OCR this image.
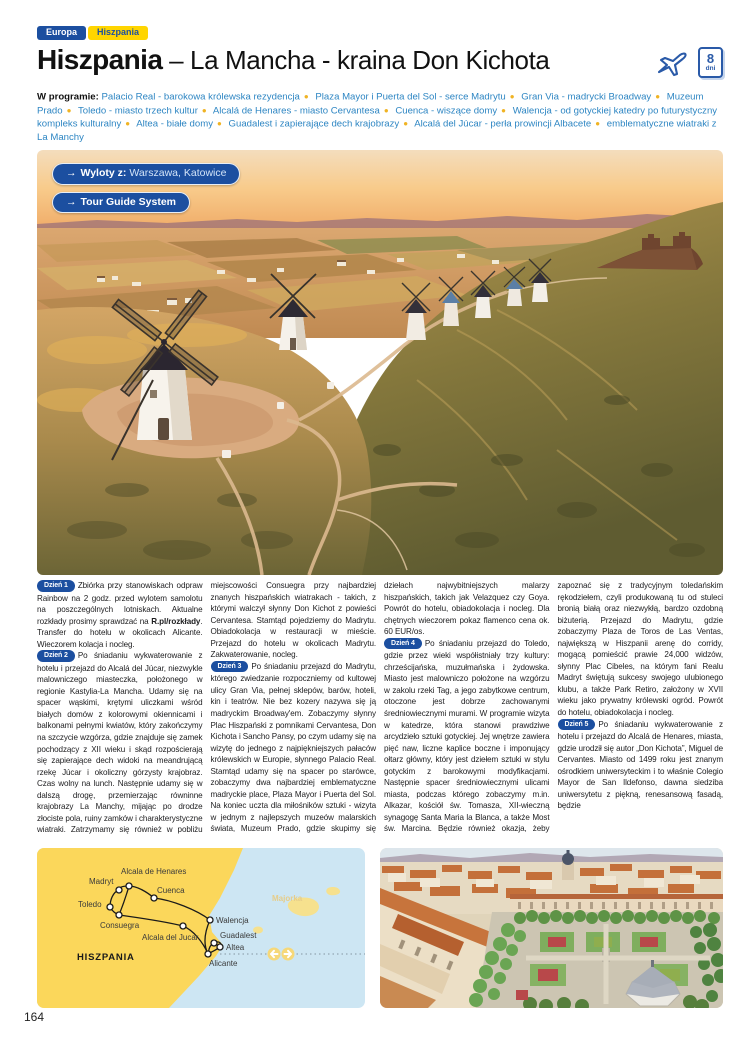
Europa	Hiszpania
Hiszpania – La Mancha - kraina Don Kichota	8
dni

W programie: Palacio Real - barokowa królewska rezydencja ● Plaza Mayor i Puerta del Sol - serce Madrytu ● Gran Via - madrycki Broadway ● Muzeum Prado ● Toledo - miasto trzech kultur ● Alcalá de Henares - miasto Cervantesa ● Cuenca - wiszące domy ● Walencja - od gotyckiej katedry po futurystyczny kompleks kulturalny ● Altea - białe domy ● Guadalest i zapierające dech krajobrazy ● Alcalá del Júcar - perła prowincji Albacete ● emblematyczne wiatraki z La Manchy

→ Wyloty z: Warszawa, Katowice
→ Tour Guide System

Dzień 1 Zbiórka przy stanowiskach odpraw Rainbow na 2 godz. przed wylotem samolotu na poszczególnych lotniskach. Aktualne rozkłady prosimy sprawdzać na R.pl/rozkłady. Transfer do hotelu w okolicach Alicante. Wieczorem kolacja i nocleg.

Dzień 2 Po śniadaniu wykwaterowanie z hotelu i przejazd do Alcalá del Júcar, niezwykle malowniczego miasteczka, położonego w regionie Kastylia-La Mancha. Udamy się na spacer wąskimi, krętymi uliczkami wśród białych domów z kolorowymi okiennicami i balkonami pełnymi kwiatów, który zakończymy na szczycie wzgórza, gdzie znajduje się zamek pochodzący z XII wieku i skąd rozpościerają się zapierające dech widoki na meandrującą rzekę Júcar i okoliczny górzysty krajobraz. Czas wolny na lunch. Następnie udamy się w dalszą drogę, przemierzając równinne krajobrazy La Manchy, mijając po drodze złociste pola, ruiny zamków i charakterystyczne wiatraki. Zatrzymamy się również w pobliżu miejscowości Consuegra przy najbardziej znanych hiszpańskich wiatrakach - takich, z którymi walczył słynny Don Kichot z powieści Cervantesa. Stamtąd pojedziemy do Madrytu. Obiadokolacja w restauracji w mieście. Przejazd do hotelu w okolicach Madrytu. Zakwaterowanie, nocleg.

Dzień 3 Po śniadaniu przejazd do Madrytu, którego zwiedzanie rozpoczniemy od kultowej ulicy Gran Via, pełnej sklepów, barów, hoteli, kin i teatrów. Nie bez kozery nazywa się ją madryckim Broadway'em. Zobaczymy słynny Plac Hiszpański z pomnikami Cervantesa, Don Kichota i Sancho Pansy, po czym udamy się na wizytę do jednego z najpiękniejszych pałaców królewskich w Europie, słynnego Palacio Real. Stamtąd udamy się na spacer po starówce, zobaczymy dwa najbardziej emblematyczne madryckie place, Plaza Mayor i Puerta del Sol. Na koniec uczta dla miłośników sztuki - wizyta w jednym z najlepszych muzeów malarskich świata, Muzeum Prado, gdzie skupimy się dziełach najwybitniejszych malarzy hiszpańskich, takich jak Velazquez czy Goya. Powrót do hotelu, obiadokolacja i nocleg. Dla chętnych wieczorem pokaz flamenco cena ok. 60 EUR/os.

Dzień 4 Po śniadaniu przejazd do Toledo, gdzie przez wieki współistniały trzy kultury: chrześcijańska, muzułmańska i żydowska. Miasto jest malowniczo położone na wzgórzu w zakolu rzeki Tag, a jego zabytkowe centrum, otoczone jest dobrze zachowanymi średniowiecznymi murami. W programie wizyta w katedrze, która stanowi prawdziwe arcydzieło sztuki gotyckiej. Jej wnętrze zawiera pięć naw, liczne kaplice boczne i imponujący ołtarz główny, który jest dziełem sztuki w stylu gotyckim z barokowymi modyfikacjami. Następnie spacer średniowiecznymi ulicami miasta, podczas którego zobaczymy m.in. Alkazar, kościół św. Tomasza, XII-wieczną synagogę Santa Maria la Blanca, a także Most św. Marcina. Będzie również okazja, żeby zapoznać się z tradycyjnym toledańskim rękodziełem, czyli produkowaną tu od stuleci bronią białą oraz niezwykłą, bardzo ozdobną biżuterią. Przejazd do Madrytu, gdzie zobaczymy Plaza de Toros de Las Ventas, największą w Hiszpanii arenę do corridy, mogącą pomieścić prawie 24,000 widzów, słynny Plac Cibeles, na którym fani Realu Madryt świętują sukcesy swojego ulubionego klubu, a także Park Retiro, założony w XVII wieku jako prywatny królewski ogród. Powrót do hotelu, obiadokolacja i nocleg.

Dzień 5 Po śniadaniu wykwaterowanie z hotelu i przejazd do Alcalá de Henares, miasta, gdzie urodził się autor „Don Kichota”, Miguel de Cervantes. Miasto od 1499 roku jest znanym ośrodkiem uniwersyteckim i to właśnie Colegio Mayor de San Ildefonso, dawna siedziba uniwersytetu z piękną, renesansową fasadą, będzie

Majorka
Madryt
Alcala de Henares
Cuenca
Toledo
Consuegra
Alcala del Jucar
Walencja
Guadalest
Altea
Alicante
HISZPANIA
164
